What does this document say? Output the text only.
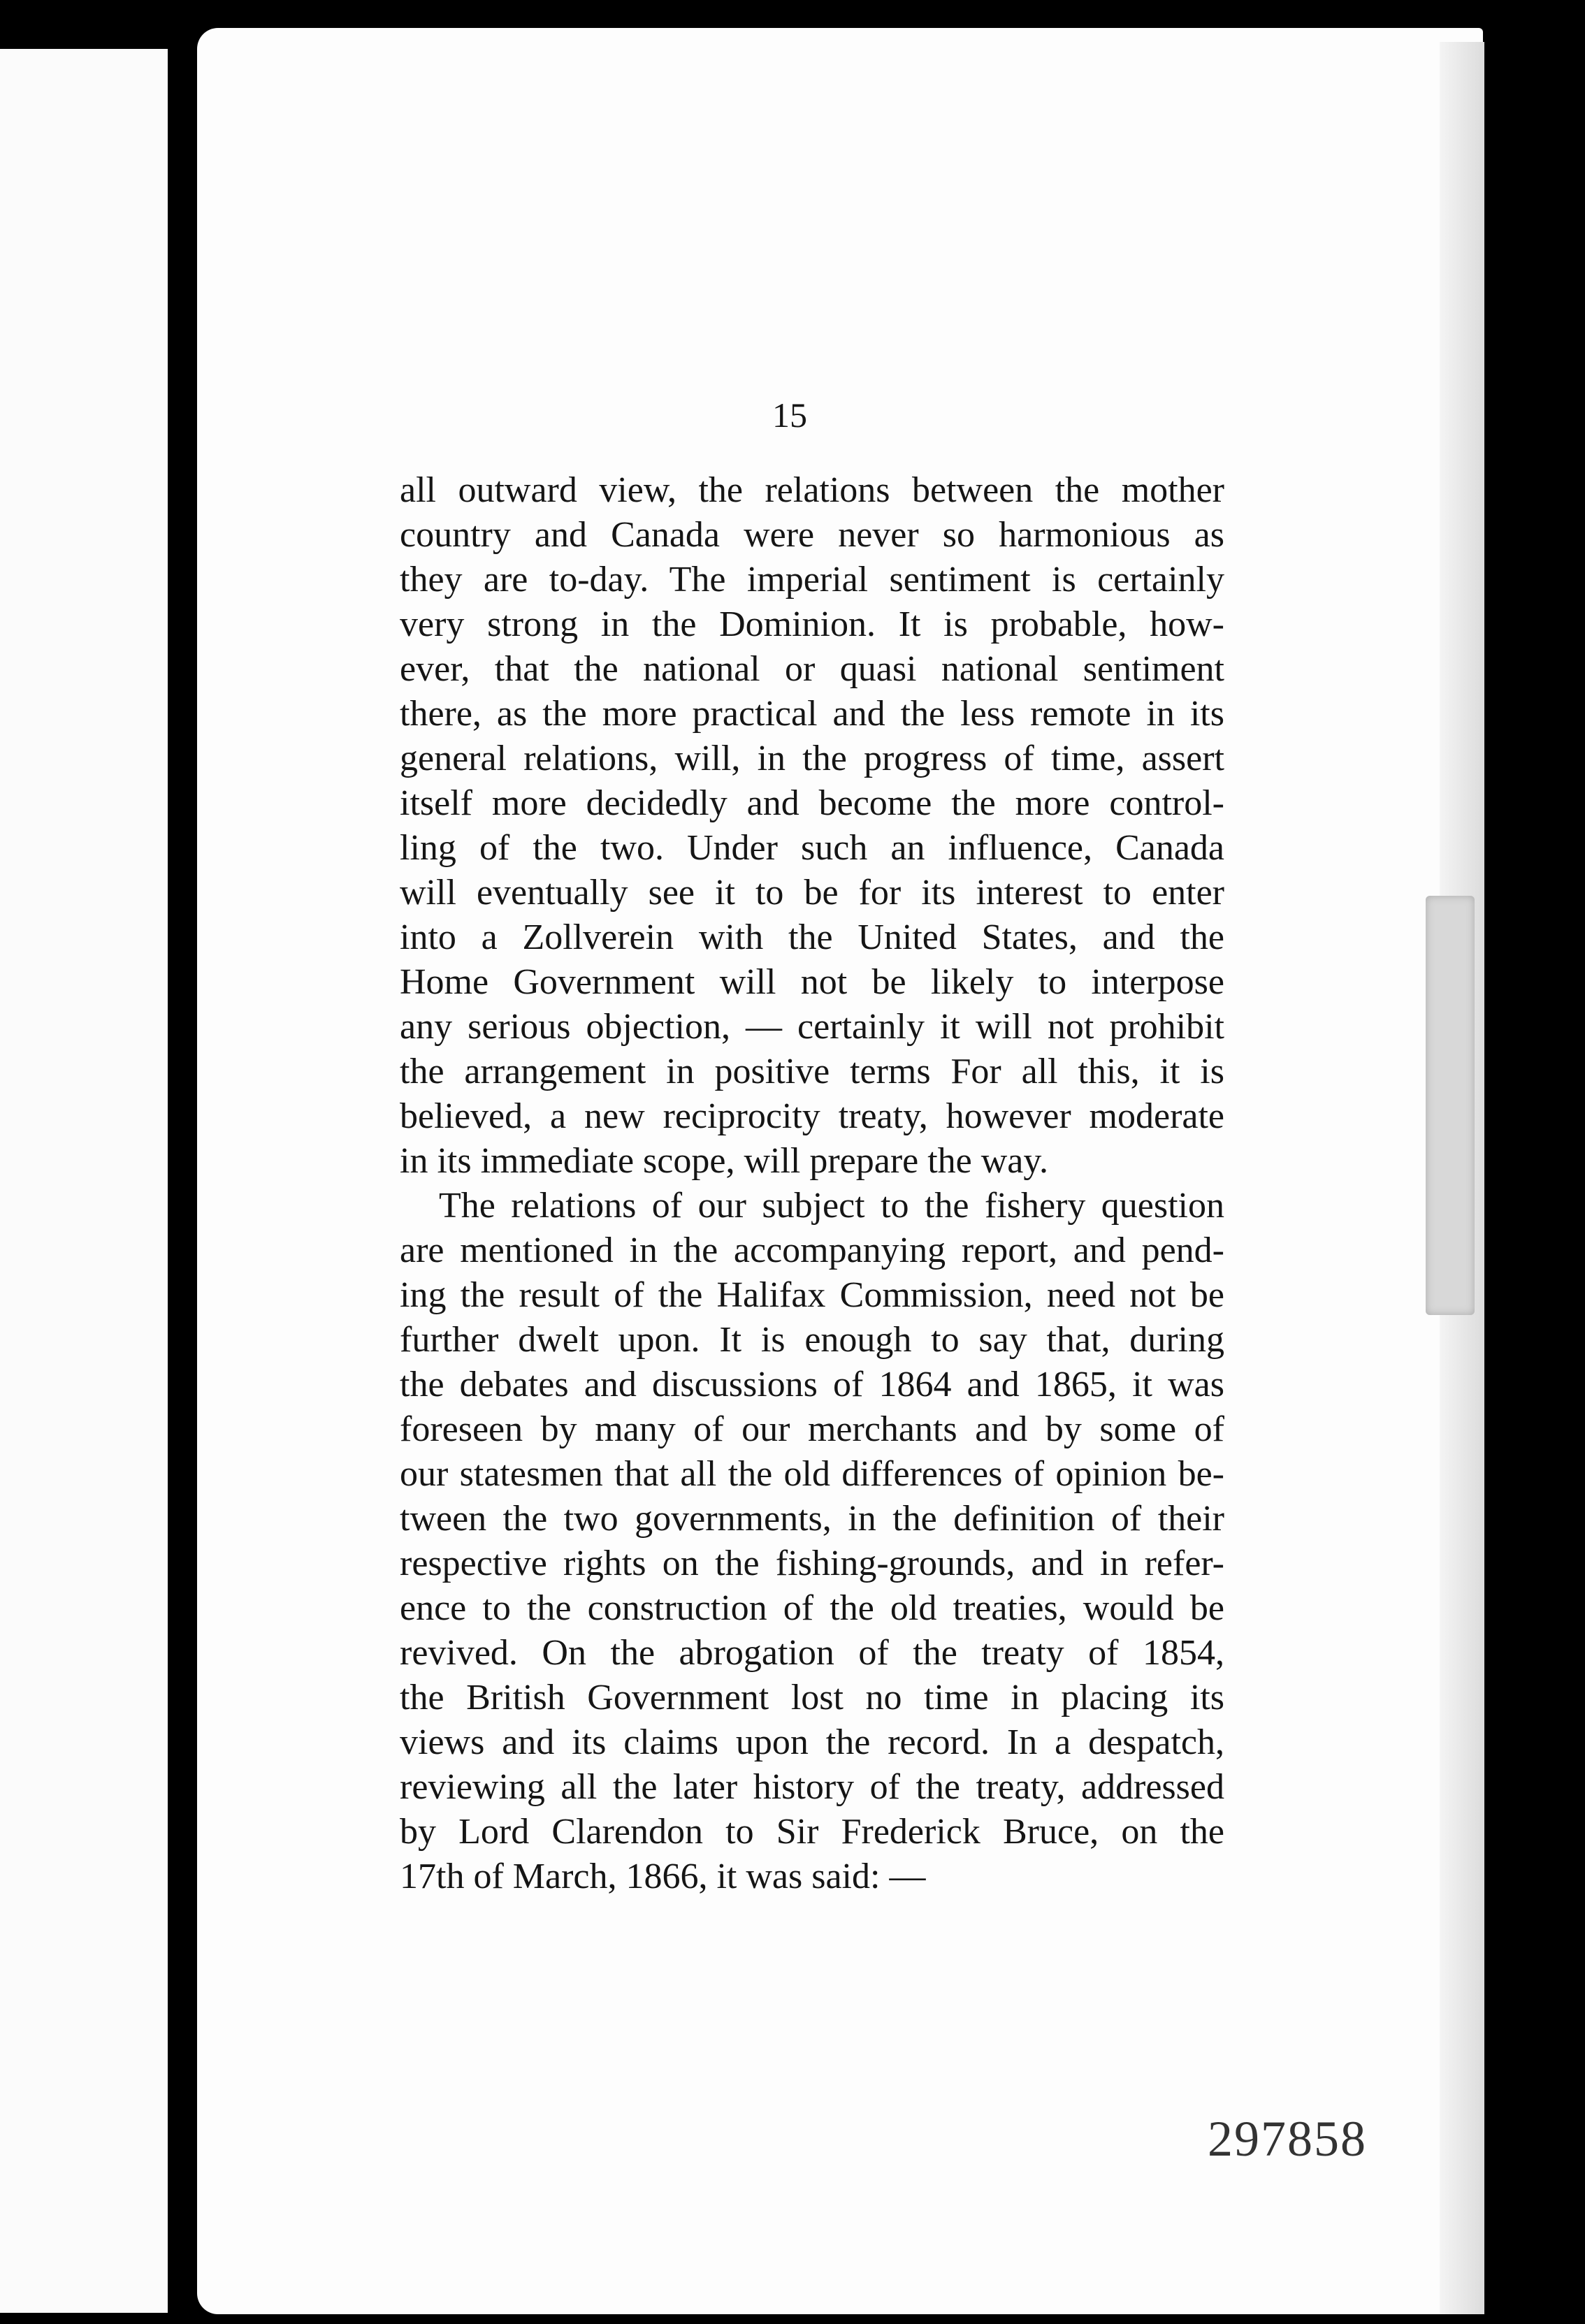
15
all outward view, the relations between the mother
country and Canada were never so harmonious as
they are to-day. The imperial sentiment is certainly
very strong in the Dominion. It is probable, how-
ever, that the national or quasi national sentiment
there, as the more practical and the less remote in its
general relations, will, in the progress of time, assert
itself more decidedly and become the more control-
ling of the two. Under such an influence, Canada
will eventually see it to be for its interest to enter
into a Zollverein with the United States, and the
Home Government will not be likely to interpose
any serious objection, — certainly it will not prohibit
the arrangement in positive terms For all this, it is
believed, a new reciprocity treaty, however moderate
in its immediate scope, will prepare the way.
The relations of our subject to the fishery question
are mentioned in the accompanying report, and pend-
ing the result of the Halifax Commission, need not be
further dwelt upon. It is enough to say that, during
the debates and discussions of 1864 and 1865, it was
foreseen by many of our merchants and by some of
our statesmen that all the old differences of opinion be-
tween the two governments, in the definition of their
respective rights on the fishing-grounds, and in refer-
ence to the construction of the old treaties, would be
revived. On the abrogation of the treaty of 1854,
the British Government lost no time in placing its
views and its claims upon the record. In a despatch,
reviewing all the later history of the treaty, addressed
by Lord Clarendon to Sir Frederick Bruce, on the
17th of March, 1866, it was said: —
297858
